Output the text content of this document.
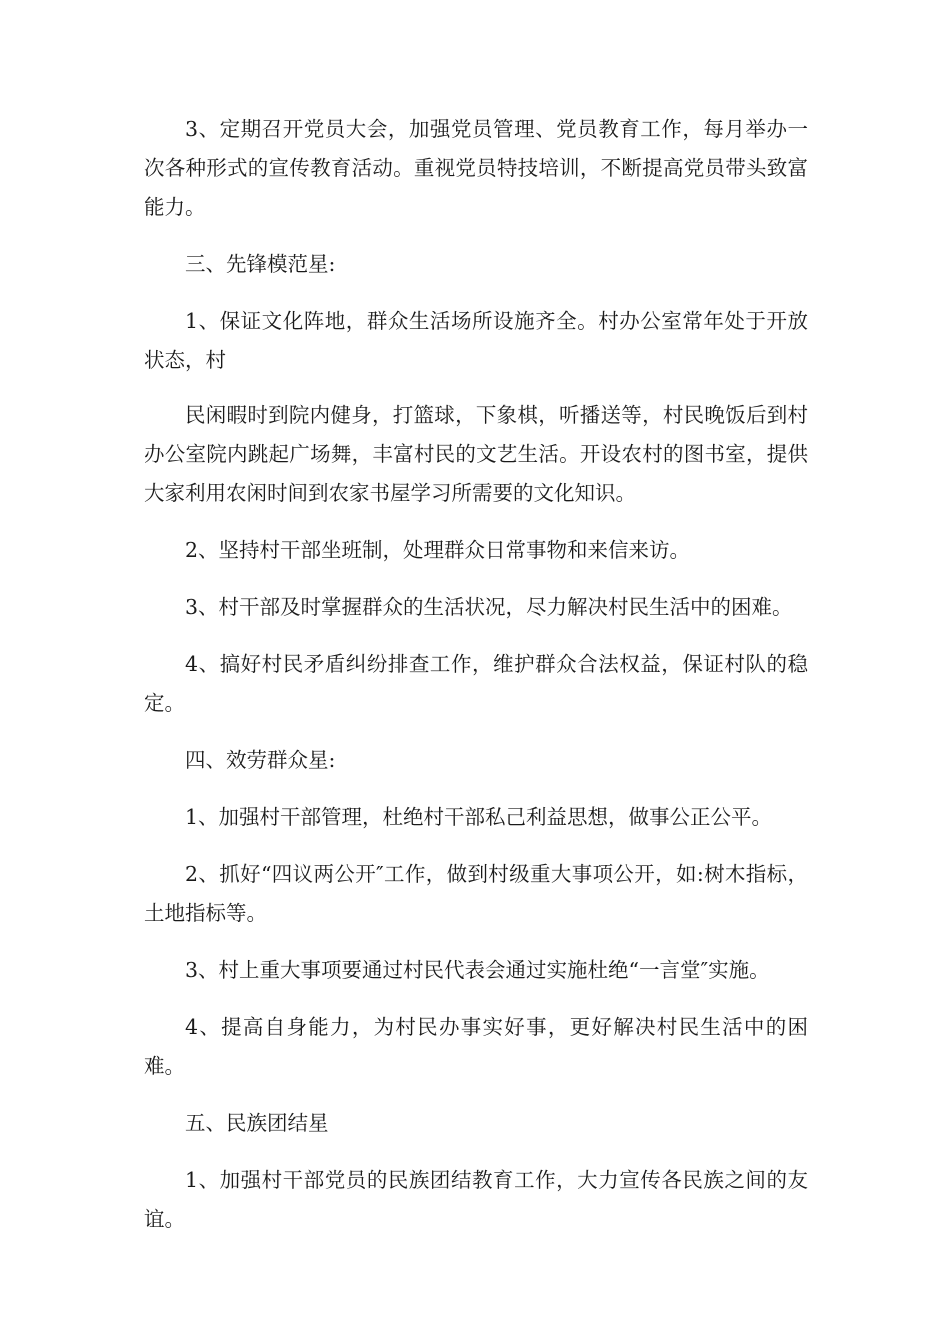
3、定期召开党员大会，加强党员管理、党员教育工作，每月举办一次各种形式的宣传教育活动。重视党员特技培训，不断提高党员带头致富能力。

三、先锋模范星:

1、保证文化阵地，群众生活场所设施齐全。村办公室常年处于开放状态，村

民闲暇时到院内健身，打篮球，下象棋，听播送等，村民晚饭后到村办公室院内跳起广场舞，丰富村民的文艺生活。开设农村的图书室，提供大家利用农闲时间到农家书屋学习所需要的文化知识。

2、坚持村干部坐班制，处理群众日常事物和来信来访。

3、村干部及时掌握群众的生活状况，尽力解决村民生活中的困难。

4、搞好村民矛盾纠纷排查工作，维护群众合法权益，保证村队的稳定。

四、效劳群众星:

1、加强村干部管理，杜绝村干部私己利益思想，做事公正公平。

2、抓好“四议两公开″工作，做到村级重大事项公开，如:树木指标，土地指标等。

3、村上重大事项要通过村民代表会通过实施杜绝“一言堂″实施。

4、提高自身能力，为村民办事实好事，更好解决村民生活中的困难。

五、民族团结星

1、加强村干部党员的民族团结教育工作，大力宣传各民族之间的友谊。
